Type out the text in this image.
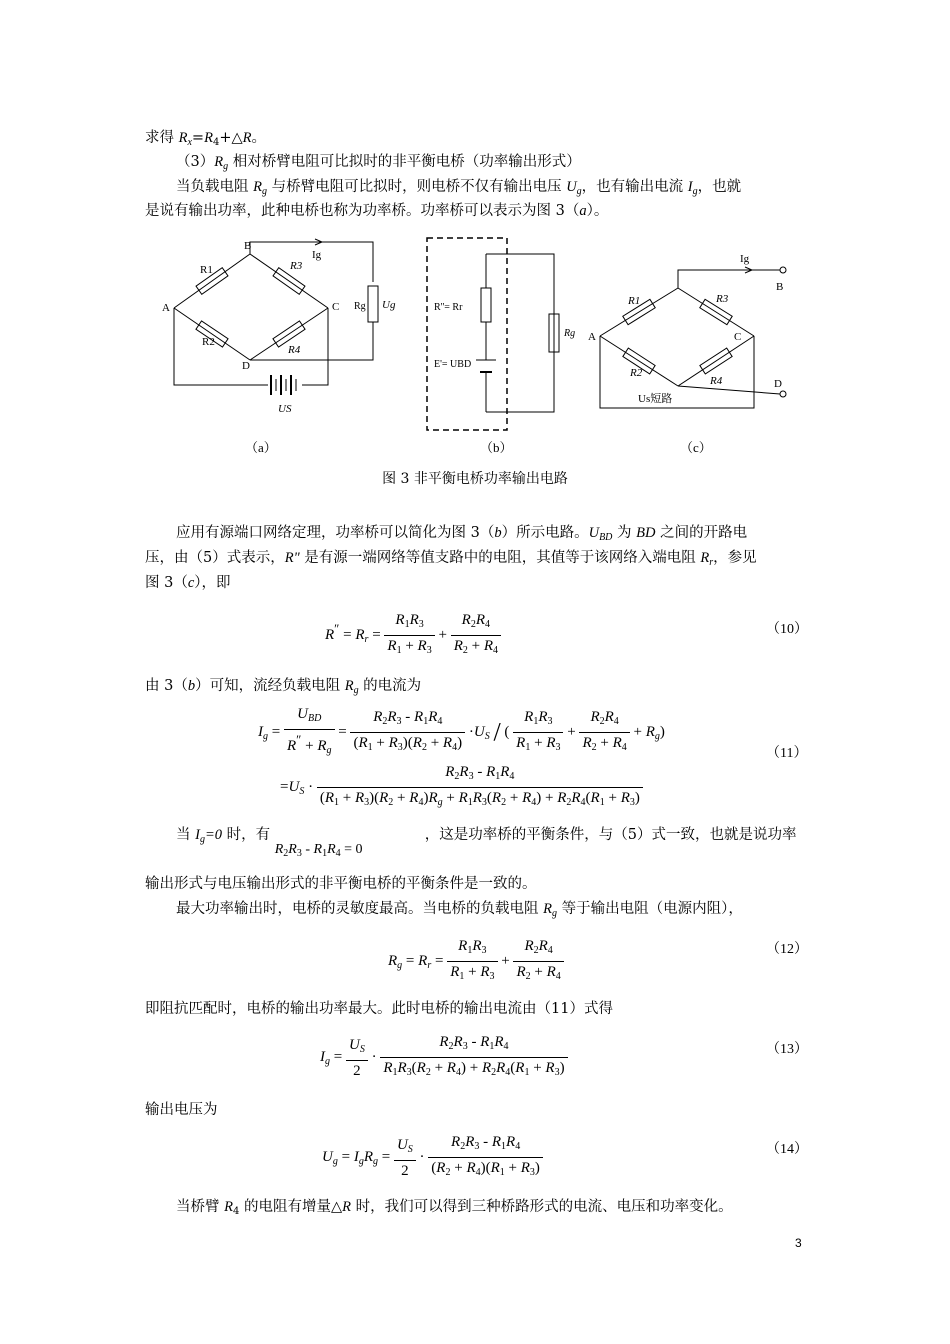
求得 $R_x=R_4+\triangle R$。
$(3)R_g$ 相对桥臂电阻可比拟时的非平衡电桥（功率输出形式）
当负载电阻 $R_g$ 与桥臂电阻可比拟时，则电桥不仅有输出电压 $U_g$，也有输出电流 $I_g$，也就
是说有输出功率，此种电桥也称为功率桥。功率桥可以表示为图 3（a）。
A
B
C
D
R1	R3
R2
R4
Rg Ug
Ig
US
（a）
R''= Rr
E'= UBD
Rg
（b）
A
B
C
D
R1	R3
R2
R4
Ig
Us短路
（c）
图 3 非平衡电桥功率输出电路
应用有源端口网络定理，功率桥可以简化为图 3（b）所示电路。$U_{BD}$ 为 BD 之间的开路电
压，由（5）式表示，R" 是有源一端网络等值支路中的电阻，其值等于该网络入端电阻 $R_r$，参见
图 3（c），即
$R'' = R_r = \frac{R_1R_3}{R_1 + R_3} + \frac{R_2R_4}{R_2 + R_4}$	（10）
由 3（b）可知，流经负载电阻 $R_g$ 的电流为
$I_g = \frac{U_{BD}}{R'' + R_g} = \frac{R_2R_3 - R_1R_4}{(R_1 + R_3)(R_2 + R_4)} \cdot U_S$ / ( $\frac{R_1R_3}{R_1 + R_3} + \frac{R_2R_4}{R_2 + R_4} + R_g$)
（11）
$=U_S \cdot \frac{R_2R_3 - R_1R_4}{(R_1 + R_3)(R_2 + R_4)R_g + R_1R_3(R_2 + R_4) + R_2R_4(R_1 + R_3)}$
当 $I_g=0$ 时，有 $R_2R_3 - R_1R_4 = 0$，这是功率桥的平衡条件，与（5）式一致，也就是说功率
输出形式与电压输出形式的非平衡电桥的平衡条件是一致的。
最大功率输出时，电桥的灵敏度最高。当电桥的负载电阻 $R_g$ 等于输出电阻（电源内阻），
$R_g = R_r = \frac{R_1R_3}{R_1 + R_3} + \frac{R_2R_4}{R_2 + R_4}$	（12）
即阻抗匹配时，电桥的输出功率最大。此时电桥的输出电流由（11）式得
$I_g = \frac{U_S}{2} \cdot \frac{R_2R_3 - R_1R_4}{R_1R_3(R_2 + R_4) + R_2R_4(R_1 + R_3)}$	（13）
输出电压为
$U_g = I_gR_g = \frac{U_S}{2} \cdot \frac{R_2R_3 - R_1R_4}{(R_2 + R_4)(R_1 + R_3)}$	（14）
当桥臂 $R_4$ 的电阻有增量△R 时，我们可以得到三种桥路形式的电流、电压和功率变化。
3
